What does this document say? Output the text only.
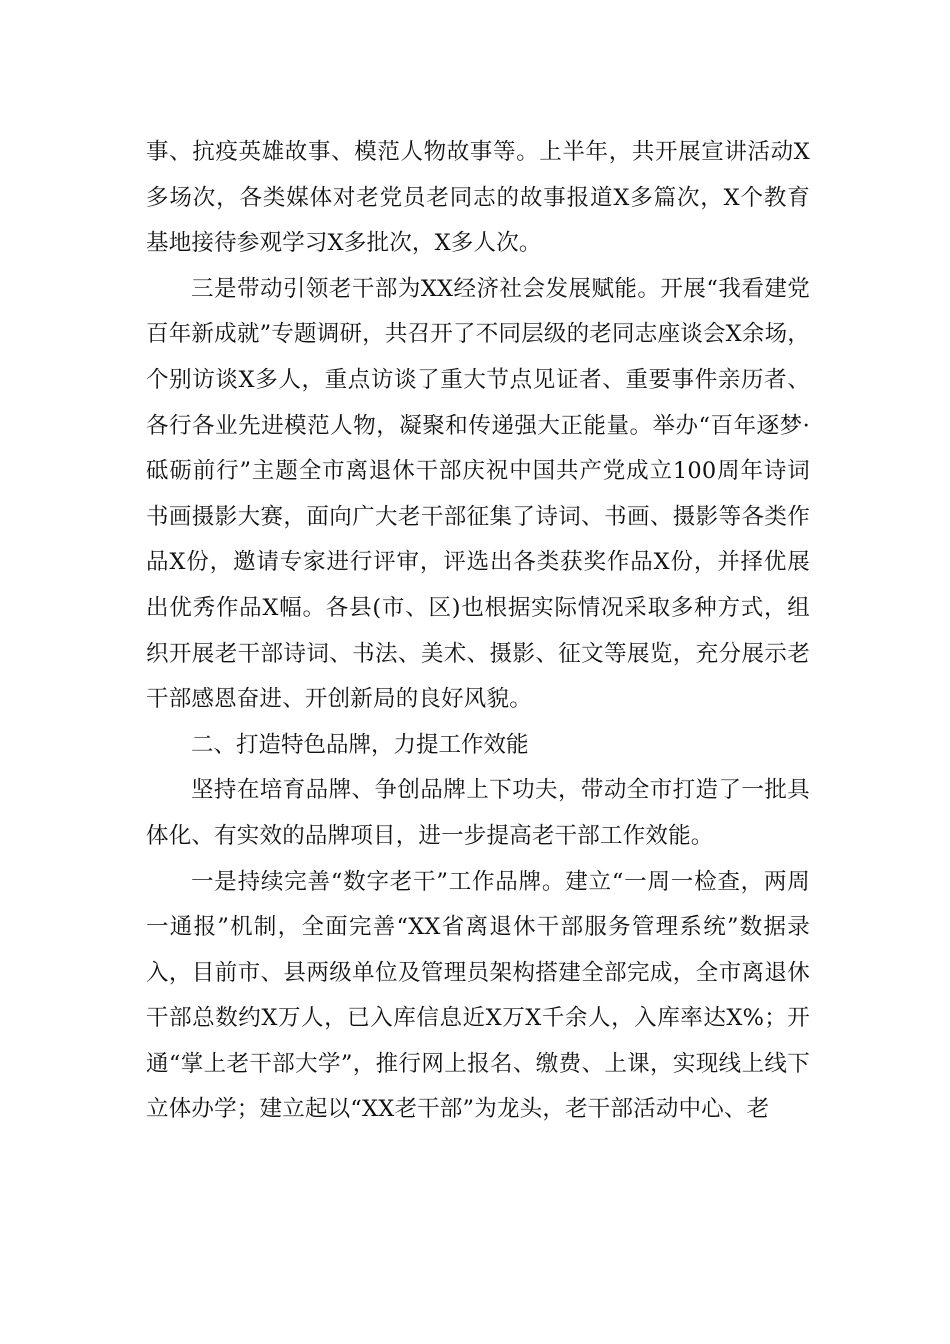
事、抗疫英雄故事、模范人物故事等。上半年，共开展宣讲活动X多场次，各类媒体对老党员老同志的故事报道X多篇次，X个教育基地接待参观学习X多批次，X多人次。

三是带动引领老干部为XX经济社会发展赋能。开展“我看建党百年新成就”专题调研，共召开了不同层级的老同志座谈会X余场，个别访谈X多人，重点访谈了重大节点见证者、重要事件亲历者、各行各业先进模范人物，凝聚和传递强大正能量。举办“百年逐梦·砥砺前行”主题全市离退休干部庆祝中国共产党成立100周年诗词书画摄影大赛，面向广大老干部征集了诗词、书画、摄影等各类作品X份，邀请专家进行评审，评选出各类获奖作品X份，并择优展出优秀作品X幅。各县(市、区)也根据实际情况采取多种方式，组织开展老干部诗词、书法、美术、摄影、征文等展览，充分展示老干部感恩奋进、开创新局的良好风貌。

二、打造特色品牌，力提工作效能

坚持在培育品牌、争创品牌上下功夫，带动全市打造了一批具体化、有实效的品牌项目，进一步提高老干部工作效能。

一是持续完善“数字老干”工作品牌。建立“一周一检查，两周一通报”机制，全面完善“XX省离退休干部服务管理系统”数据录入，目前市、县两级单位及管理员架构搭建全部完成，全市离退休干部总数约X万人，已入库信息近X万X千余人，入库率达X%；开通“掌上老干部大学”，推行网上报名、缴费、上课，实现线上线下立体办学；建立起以“XX老干部”为龙头，老干部活动中心、老
